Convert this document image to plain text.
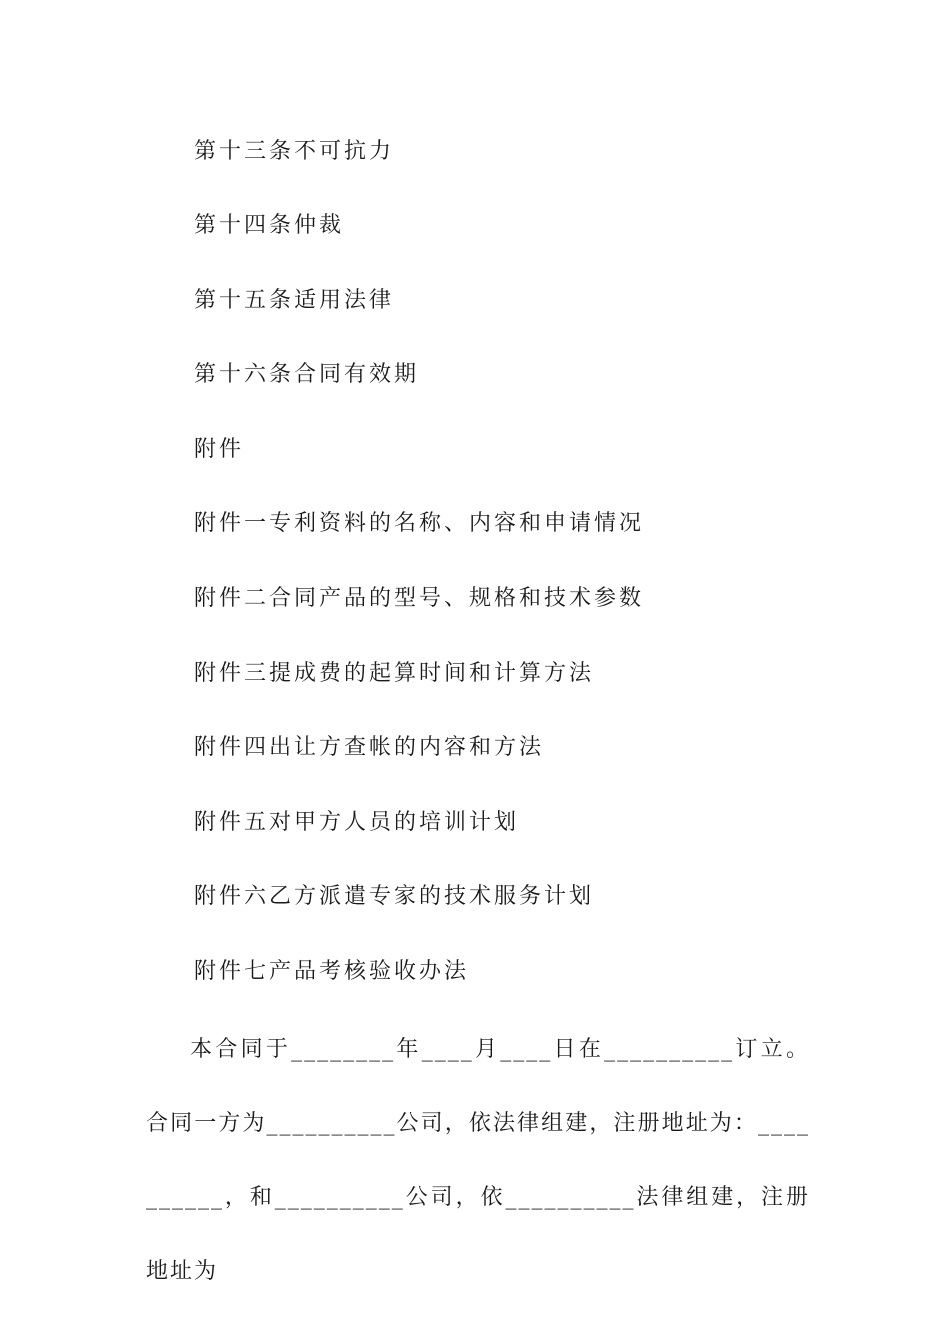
第十三条不可抗力
第十四条仲裁
第十五条适用法律
第十六条合同有效期
附件
附件一专利资料的名称、内容和申请情况
附件二合同产品的型号、规格和技术参数
附件三提成费的起算时间和计算方法
附件四出让方查帐的内容和方法
附件五对甲方人员的培训计划
附件六乙方派遣专家的技术服务计划
附件七产品考核验收办法
本合同于________年____月____日在__________订立。合同一方为__________公司，依法律组建，注册地址为：__________，和__________公司，依__________法律组建，注册地址为
